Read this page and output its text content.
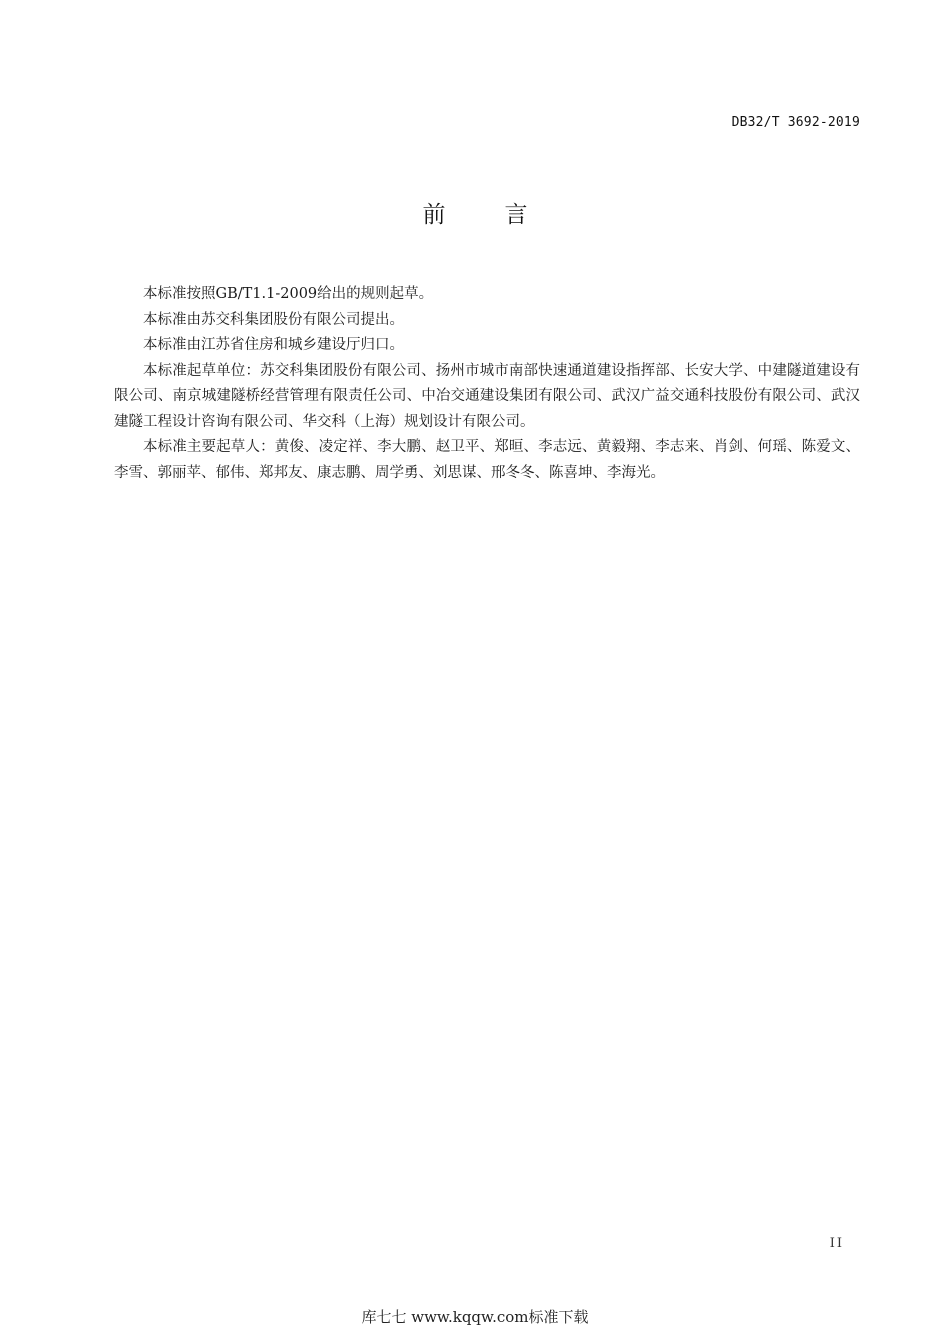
DB32/T 3692-2019
前　言

本标准按照GB/T1.1-2009给出的规则起草。

本标准由苏交科集团股份有限公司提出。

本标准由江苏省住房和城乡建设厅归口。

本标准起草单位：苏交科集团股份有限公司、扬州市城市南部快速通道建设指挥部、长安大学、中建隧道建设有限公司、南京城建隧桥经营管理有限责任公司、中冶交通建设集团有限公司、武汉广益交通科技股份有限公司、武汉建隧工程设计咨询有限公司、华交科（上海）规划设计有限公司。

本标准主要起草人：黄俊、凌定祥、李大鹏、赵卫平、郑晅、李志远、黄毅翔、李志来、肖剑、何瑶、陈爱文、李雪、郭丽苹、郁伟、郑邦友、康志鹏、周学勇、刘思谋、邢冬冬、陈喜坤、李海光。

II
库七七 www.kqqw.com标准下载
